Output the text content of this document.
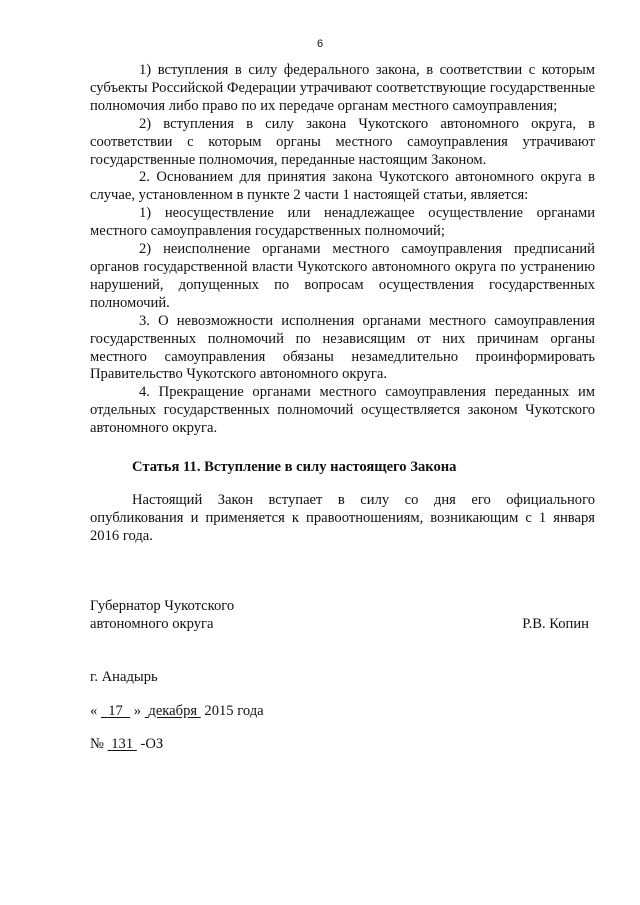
6

1) вступления в силу федерального закона, в соответствии с которым субъекты Российской Федерации утрачивают соответствующие государственные полномочия либо право по их передаче органам местного самоуправления;

2) вступления в силу закона Чукотского автономного округа, в соответствии с которым органы местного самоуправления утрачивают государственные полномочия, переданные настоящим Законом.

2. Основанием для принятия закона Чукотского автономного округа в случае, установленном в пункте 2 части 1 настоящей статьи, является:

1) неосуществление или ненадлежащее осуществление органами местного самоуправления государственных полномочий;

2) неисполнение органами местного самоуправления предписаний органов государственной власти Чукотского автономного округа по устранению нарушений, допущенных по вопросам осуществления государственных полномочий.

3. О невозможности исполнения органами местного самоуправления государственных полномочий по независящим от них причинам органы местного самоуправления обязаны незамедлительно проинформировать Правительство Чукотского автономного округа.

4. Прекращение органами местного самоуправления переданных им отдельных государственных полномочий осуществляется законом Чукотского автономного округа.

Статья 11. Вступление в силу настоящего Закона

Настоящий Закон вступает в силу со дня его официального опубликования и применяется к правоотношениям, возникающим с 1 января 2016 года.

Губернатор Чукотского
автономного округа	Р.В. Копин
г. Анадырь
« 17 » декабря 2015 года
№ 131 -ОЗ
